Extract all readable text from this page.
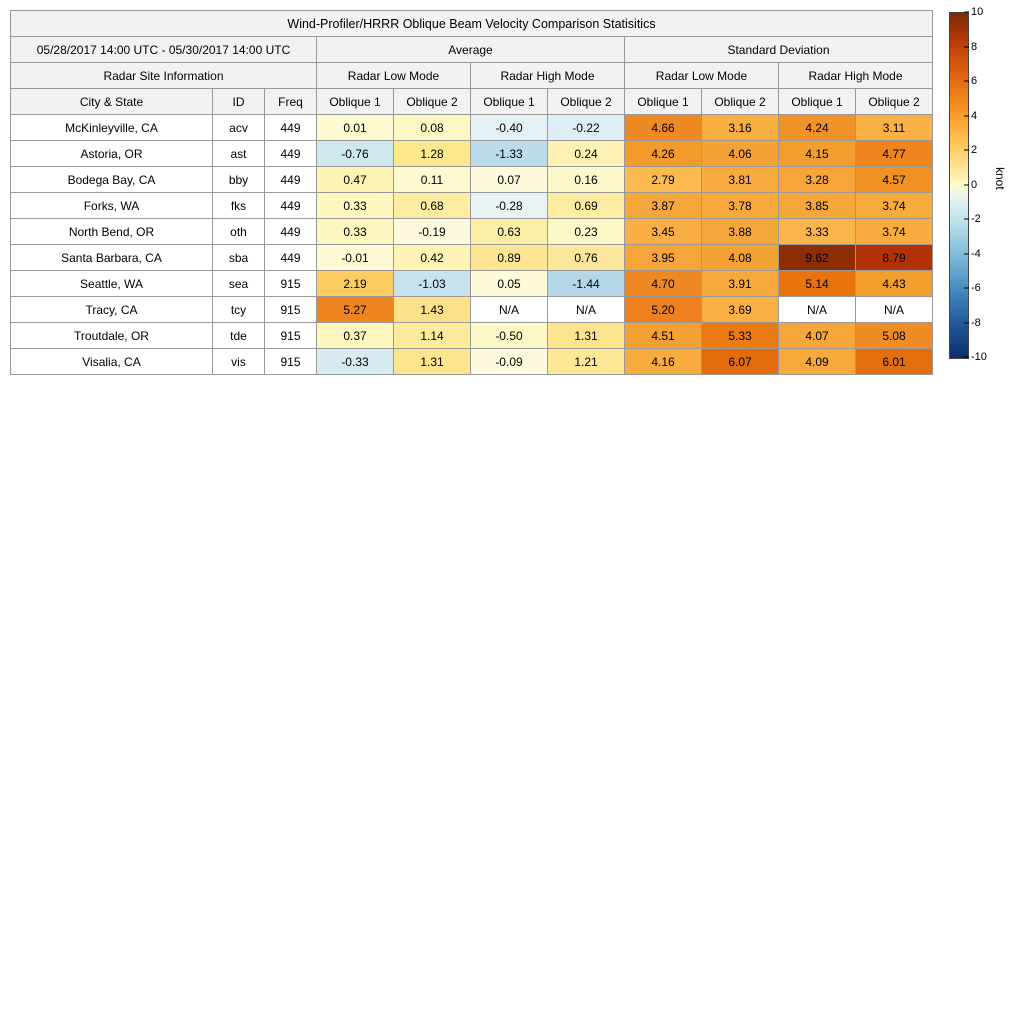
Wind-Profiler/HRRR Oblique Beam Velocity Comparison Statisitics										
05/28/2017 14:00 UTC - 05/30/2017 14:00 UTC			Average				Standard Deviation			
Radar Site Information			Radar Low Mode		Radar High Mode		Radar Low Mode		Radar High Mode	
City & State	ID	Freq	Oblique 1	Oblique 2	Oblique 1	Oblique 2	Oblique 1	Oblique 2	Oblique 1	Oblique 2
McKinleyville, CA	acv	449	0.01	0.08	-0.40	-0.22	4.66	3.16	4.24	3.11
Astoria, OR	ast	449	-0.76	1.28	-1.33	0.24	4.26	4.06	4.15	4.77
Bodega Bay, CA	bby	449	0.47	0.11	0.07	0.16	2.79	3.81	3.28	4.57
Forks, WA	fks	449	0.33	0.68	-0.28	0.69	3.87	3.78	3.85	3.74
North Bend, OR	oth	449	0.33	-0.19	0.63	0.23	3.45	3.88	3.33	3.74
Santa Barbara, CA	sba	449	-0.01	0.42	0.89	0.76	3.95	4.08	9.62	8.79
Seattle, WA	sea	915	2.19	-1.03	0.05	-1.44	4.70	3.91	5.14	4.43
Tracy, CA	tcy	915	5.27	1.43	N/A	N/A	5.20	3.69	N/A	N/A
Troutdale, OR	tde	915	0.37	1.14	-0.50	1.31	4.51	5.33	4.07	5.08
Visalia, CA	vis	915	-0.33	1.31	-0.09	1.21	4.16	6.07	4.09	6.01
10
8
6
4
2
0
-2
-4
-6
-8
-10
knot
